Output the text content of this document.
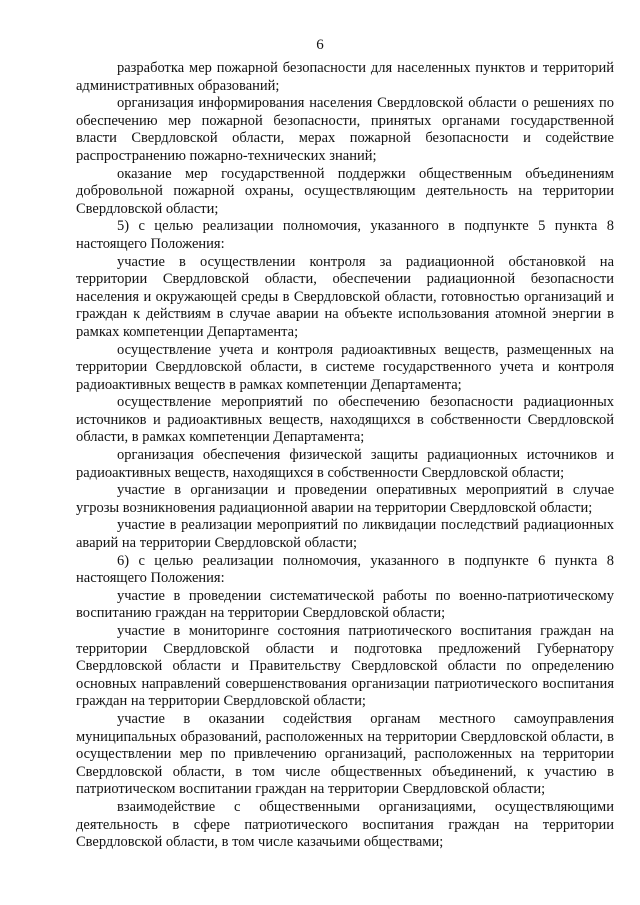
6

разработка мер пожарной безопасности для населенных пунктов и территорий административных образований;

организация информирования населения Свердловской области о решениях по обеспечению мер пожарной безопасности, принятых органами государственной власти Свердловской области, мерах пожарной безопасности и содействие распространению пожарно-технических знаний;

оказание мер государственной поддержки общественным объединениям добровольной пожарной охраны, осуществляющим деятельность на территории Свердловской области;

5) с целью реализации полномочия, указанного в подпункте 5 пункта 8 настоящего Положения:

участие в осуществлении контроля за радиационной обстановкой на территории Свердловской области, обеспечении радиационной безопасности населения и окружающей среды в Свердловской области, готовностью организаций и граждан к действиям в случае аварии на объекте использования атомной энергии в рамках компетенции Департамента;

осуществление учета и контроля радиоактивных веществ, размещенных на территории Свердловской области, в системе государственного учета и контроля радиоактивных веществ в рамках компетенции Департамента;

осуществление мероприятий по обеспечению безопасности радиационных источников и радиоактивных веществ, находящихся в собственности Свердловской области, в рамках компетенции Департамента;

организация обеспечения физической защиты радиационных источников и радиоактивных веществ, находящихся в собственности Свердловской области;

участие в организации и проведении оперативных мероприятий в случае угрозы возникновения радиационной аварии на территории Свердловской области;

участие в реализации мероприятий по ликвидации последствий радиационных аварий на территории Свердловской области;

6) с целью реализации полномочия, указанного в подпункте 6 пункта 8 настоящего Положения:

участие в проведении систематической работы по военно-патриотическому воспитанию граждан на территории Свердловской области;

участие в мониторинге состояния патриотического воспитания граждан на территории Свердловской области и подготовка предложений Губернатору Свердловской области и Правительству Свердловской области по определению основных направлений совершенствования организации патриотического воспитания граждан на территории Свердловской области;

участие в оказании содействия органам местного самоуправления муниципальных образований, расположенных на территории Свердловской области, в осуществлении мер по привлечению организаций, расположенных на территории Свердловской области, в том числе общественных объединений, к участию в патриотическом воспитании граждан на территории Свердловской области;

взаимодействие с общественными организациями, осуществляющими деятельность в сфере патриотического воспитания граждан на территории Свердловской области, в том числе казачьими обществами;
